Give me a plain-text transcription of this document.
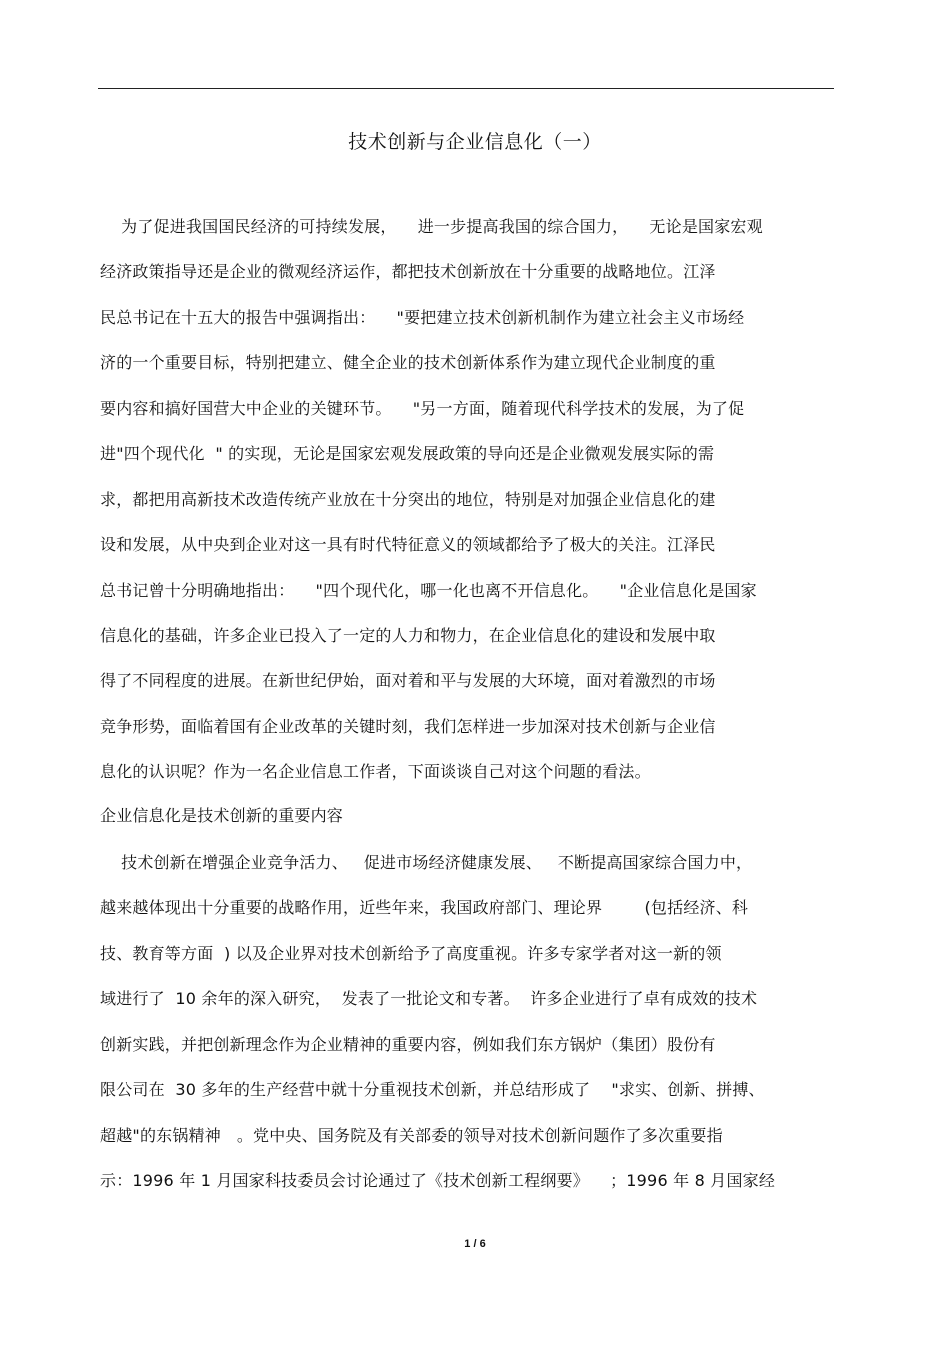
技术创新与企业信息化（一）
为了促进我国国民经济的可持续发展，    进一步提高我国的综合国力，    无论是国家宏观
经济政策指导还是企业的微观经济运作，都把技术创新放在十分重要的战略地位。江泽
民总书记在十五大的报告中强调指出：    "要把建立技术创新机制作为建立社会主义市场经
济的一个重要目标，特别把建立、健全企业的技术创新体系作为建立现代企业制度的重
要内容和搞好国营大中企业的关键环节。    "另一方面，随着现代科学技术的发展，为了促
进"四个现代化  " 的实现，无论是国家宏观发展政策的导向还是企业微观发展实际的需
求，都把用高新技术改造传统产业放在十分突出的地位，特别是对加强企业信息化的建
设和发展，从中央到企业对这一具有时代特征意义的领域都给予了极大的关注。江泽民
总书记曾十分明确地指出：    "四个现代化，哪一化也离不开信息化。    "企业信息化是国家
信息化的基础，许多企业已投入了一定的人力和物力，在企业信息化的建设和发展中取
得了不同程度的进展。在新世纪伊始，面对着和平与发展的大环境，面对着激烈的市场
竞争形势，面临着国有企业改革的关键时刻，我们怎样进一步加深对技术创新与企业信
息化的认识呢？作为一名企业信息工作者，下面谈谈自己对这个问题的看法。
企业信息化是技术创新的重要内容
技术创新在增强企业竞争活力、   促进市场经济健康发展、   不断提高国家综合国力中，
越来越体现出十分重要的战略作用，近些年来，我国政府部门、理论界        (包括经济、科
技、教育等方面  ) 以及企业界对技术创新给予了高度重视。许多专家学者对这一新的领
域进行了  10 余年的深入研究，  发表了一批论文和专著。  许多企业进行了卓有成效的技术
创新实践，并把创新理念作为企业精神的重要内容，例如我们东方锅炉（集团）股份有
限公司在  30 多年的生产经营中就十分重视技术创新，并总结形成了    "求实、创新、拼搏、
超越"的东锅精神   。党中央、国务院及有关部委的领导对技术创新问题作了多次重要指
示：1996 年 1 月国家科技委员会讨论通过了《技术创新工程纲要》    ；1996 年 8 月国家经
1 / 6
